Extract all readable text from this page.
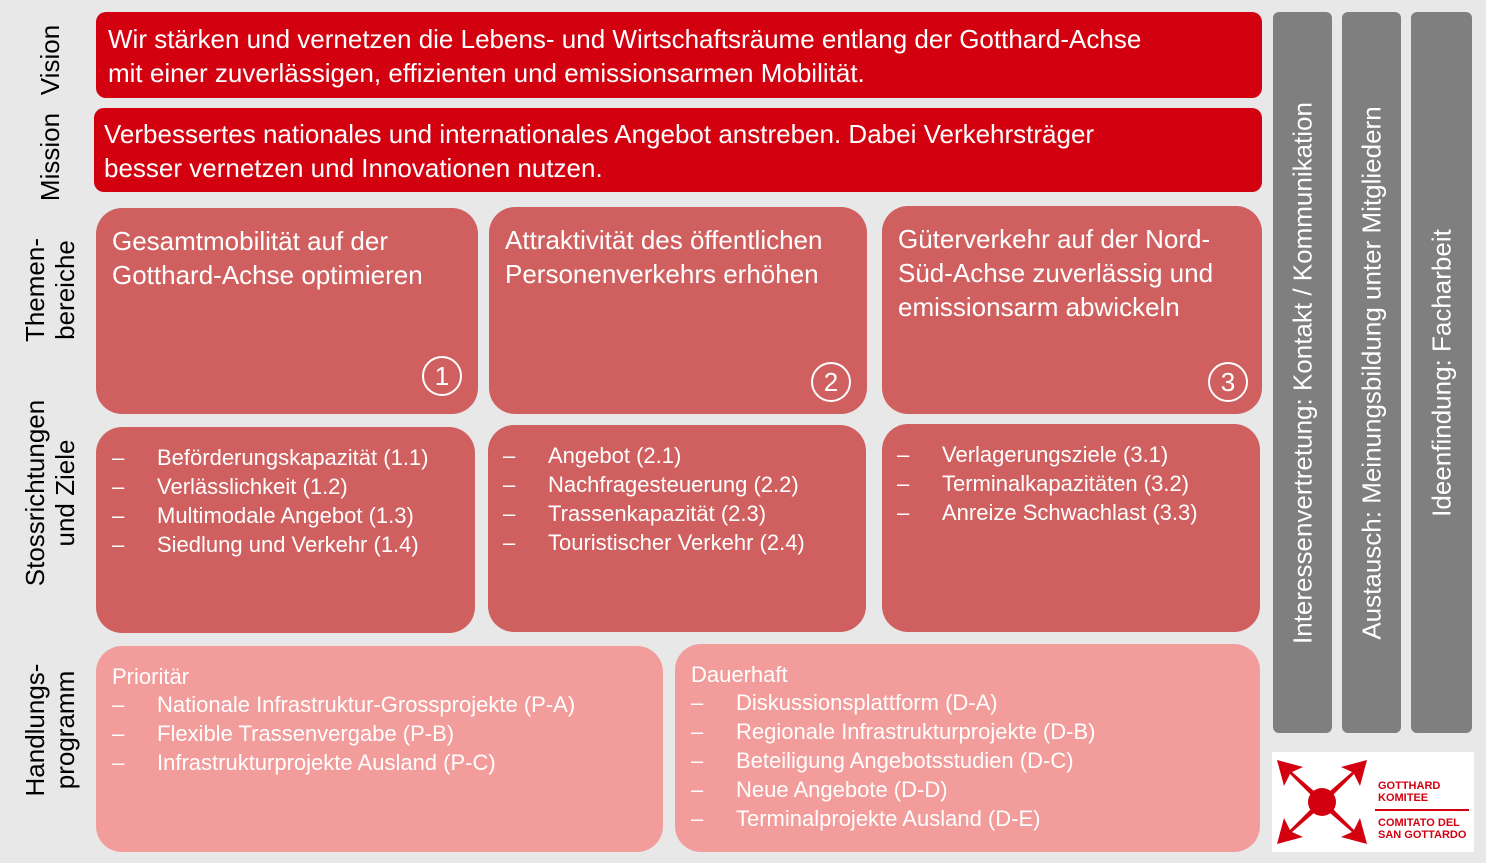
Vision
Mission
Themen- bereiche
Stossrichtungen und Ziele
Handlungs- programm
Wir stärken und vernetzen die Lebens- und Wirtschaftsräume entlang der Gotthard-Achse
mit einer zuverlässigen, effizienten und emissionsarmen Mobilität.
Verbessertes nationales und internationales Angebot anstreben. Dabei Verkehrsträger
besser vernetzen und Innovationen nutzen.
Gesamtmobilität auf der
Gotthard-Achse optimieren
1
Attraktivität des öffentlichen
Personenverkehrs erhöhen
2
Güterverkehr auf der Nord-
Süd-Achse zuverlässig und
emissionsarm abwickeln
3
– Beförderungskapazität (1.1)
– Verlässlichkeit (1.2)
– Multimodale Angebot (1.3)
– Siedlung und Verkehr (1.4)
– Angebot (2.1)
– Nachfragesteuerung (2.2)
– Trassenkapazität (2.3)
– Touristischer Verkehr (2.4)
– Verlagerungsziele (3.1)
– Terminalkapazitäten (3.2)
– Anreize Schwachlast (3.3)
Prioritär
– Nationale Infrastruktur-Grossprojekte (P-A)
– Flexible Trassenvergabe (P-B)
– Infrastrukturprojekte Ausland (P-C)
Dauerhaft
– Diskussionsplattform (D-A)
– Regionale Infrastrukturprojekte (D-B)
– Beteiligung Angebotsstudien (D-C)
– Neue Angebote (D-D)
– Terminalprojekte Ausland (D-E)
Interessenvertretung: Kontakt / Kommunikation Austausch: Meinungsbildung unter Mitgliedern Ideenfindung: Facharbeit
GOTTHARD
KOMITEE
COMITATO DEL
SAN GOTTARDO
